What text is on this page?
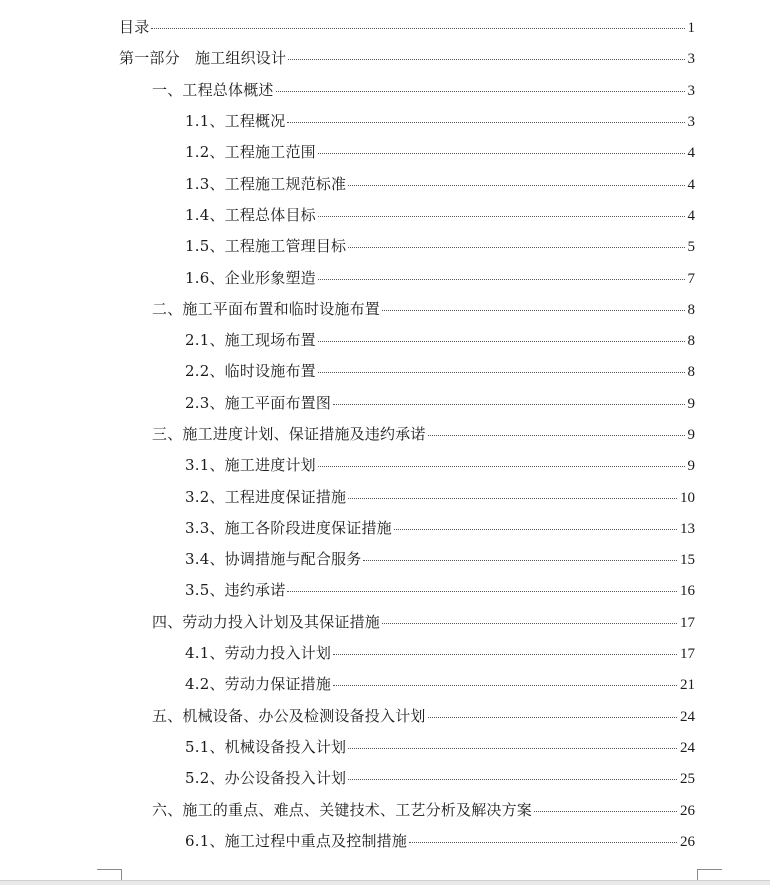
目录	1
第一部分　施工组织设计	3
一、工程总体概述	3
1.1、工程概况	3
1.2、工程施工范围	4
1.3、工程施工规范标准	4
1.4、工程总体目标	4
1.5、工程施工管理目标	5
1.6、企业形象塑造	7
二、施工平面布置和临时设施布置	8
2.1、施工现场布置	8
2.2、临时设施布置	8
2.3、施工平面布置图	9
三、施工进度计划、保证措施及违约承诺	9
3.1、施工进度计划	9
3.2、工程进度保证措施	10
3.3、施工各阶段进度保证措施	13
3.4、协调措施与配合服务	15
3.5、违约承诺	16
四、劳动力投入计划及其保证措施	17
4.1、劳动力投入计划	17
4.2、劳动力保证措施	21
五、机械设备、办公及检测设备投入计划	24
5.1、机械设备投入计划	24
5.2、办公设备投入计划	25
六、施工的重点、难点、关键技术、工艺分析及解决方案	26
6.1、施工过程中重点及控制措施	26
